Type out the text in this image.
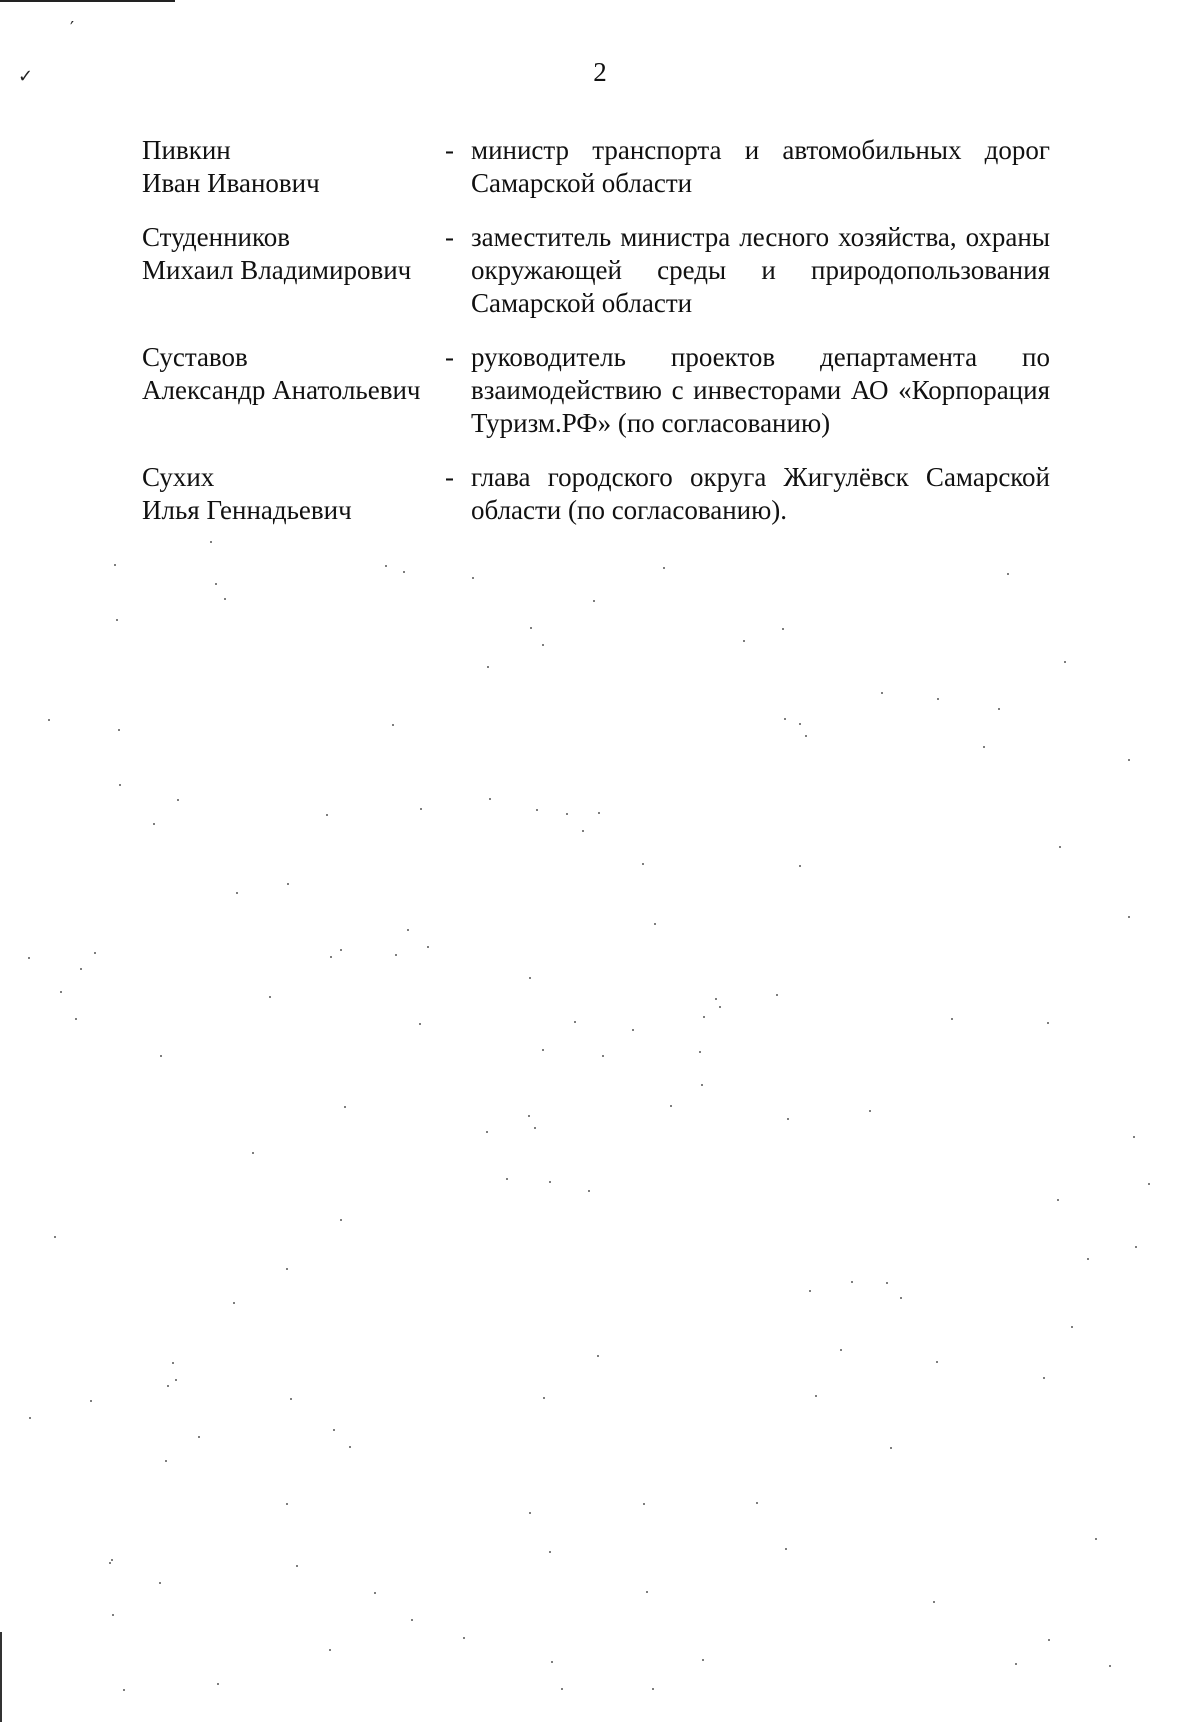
′
✓	2
Пивкин
Иван Иванович
- министр транспорта и автомобильных дорог Самарской области
Студенников
Михаил Владимирович
- заместитель министра лесного хозяйства, охраны окружающей среды и природопользования Самарской области
Суставов
Александр Анатольевич
- руководитель проектов департамента по взаимодействию с инвесторами АО «Корпорация Туризм.РФ» (по согласованию)
Сухих
Илья Геннадьевич
- глава городского округа Жигулёвск Самарской области (по согласованию).
